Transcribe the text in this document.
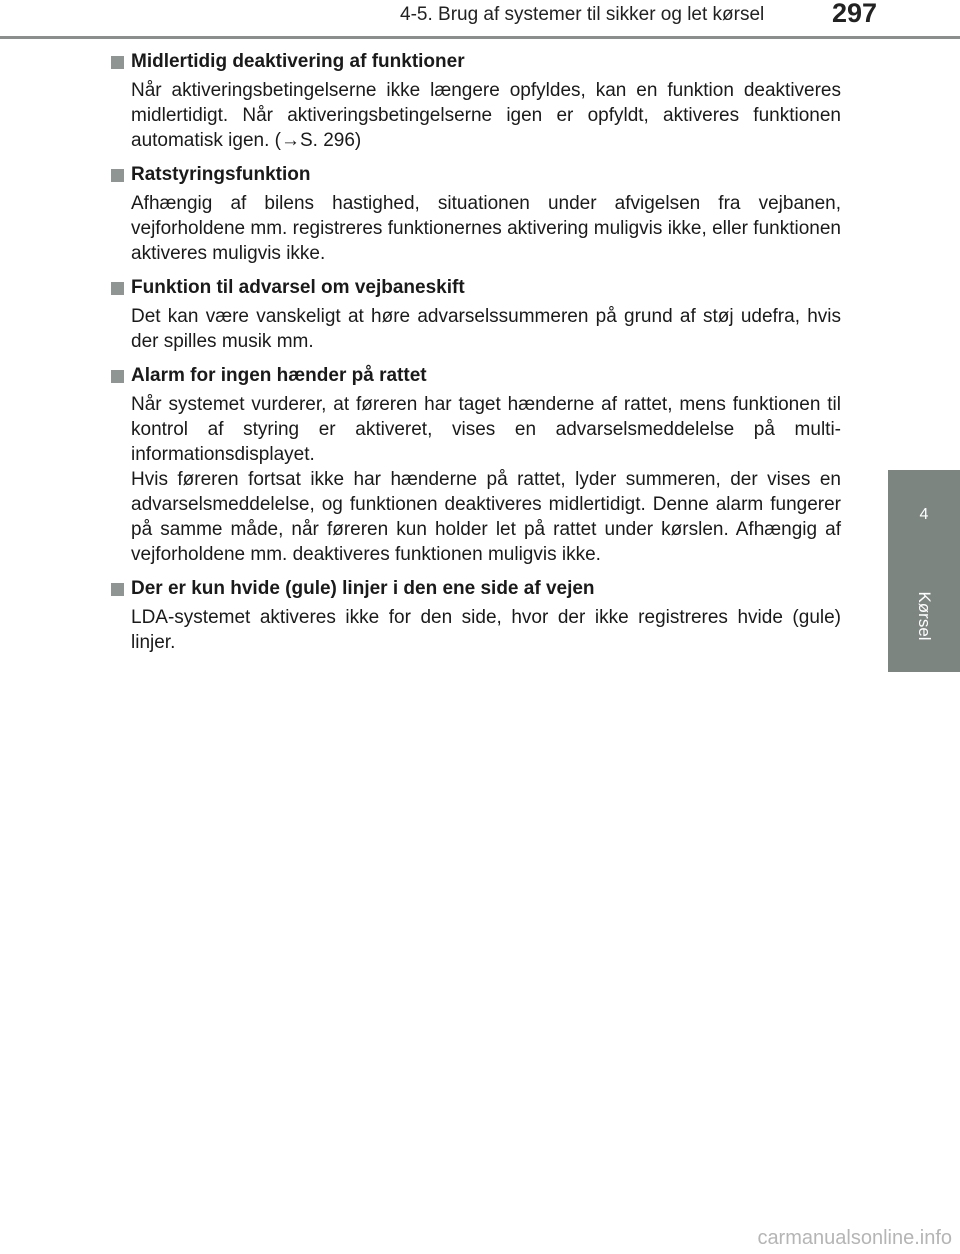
4-5. Brug af systemer til sikker og let kørsel	297
4
Kørsel
Midlertidig deaktivering af funktioner

Når aktiveringsbetingelserne ikke længere opfyldes, kan en funktion deaktiveres midlertidigt. Når aktiveringsbetingelserne igen er opfyldt, aktiveres funktionen automatisk igen. (→S. 296)

Ratstyringsfunktion

Afhængig af bilens hastighed, situationen under afvigelsen fra vejbanen, vejforholdene mm. registreres funktionernes aktivering muligvis ikke, eller funktionen aktiveres muligvis ikke.

Funktion til advarsel om vejbaneskift

Det kan være vanskeligt at høre advarselssummeren på grund af støj udefra, hvis der spilles musik mm.

Alarm for ingen hænder på rattet

Når systemet vurderer, at føreren har taget hænderne af rattet, mens funktionen til kontrol af styring er aktiveret, vises en advarselsmeddelelse på multi-informationsdisplayet.

Hvis føreren fortsat ikke har hænderne på rattet, lyder summeren, der vises en advarselsmeddelelse, og funktionen deaktiveres midlertidigt. Denne alarm fungerer på samme måde, når føreren kun holder let på rattet under kørslen. Afhængig af vejforholdene mm. deaktiveres funktionen muligvis ikke.

Der er kun hvide (gule) linjer i den ene side af vejen

LDA-systemet aktiveres ikke for den side, hvor der ikke registreres hvide (gule) linjer.

carmanualsonline.info
